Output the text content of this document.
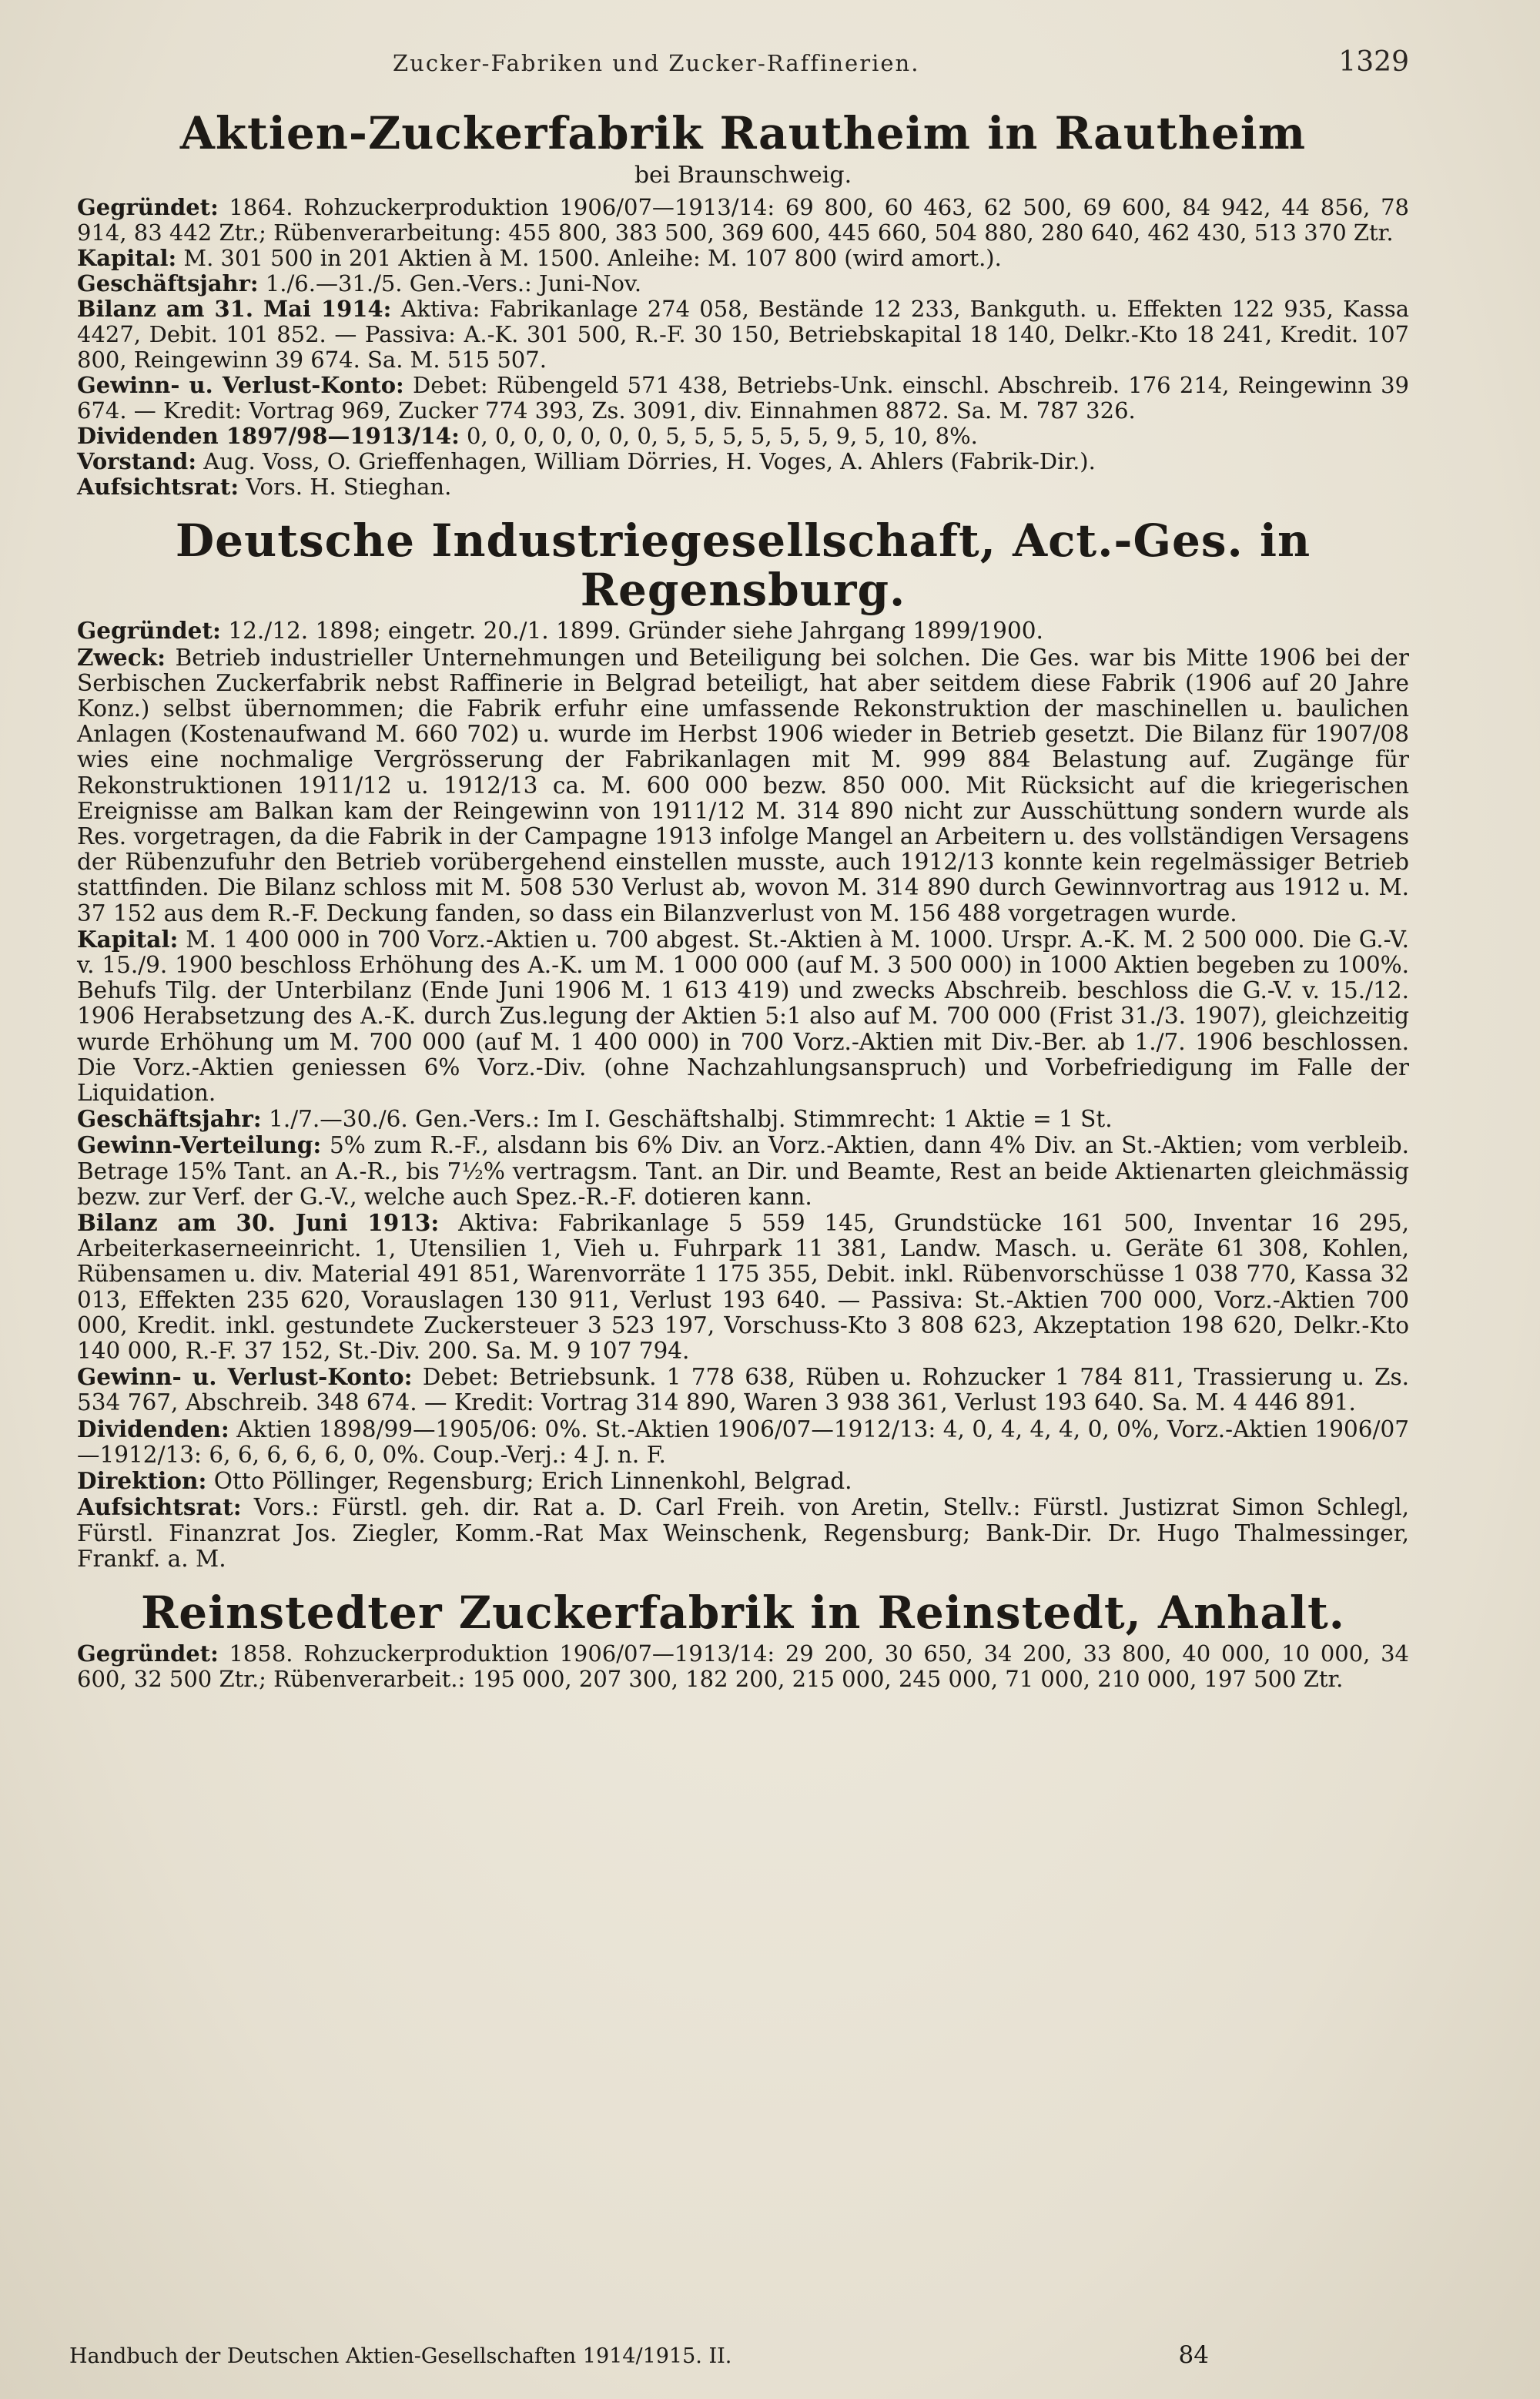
Zucker-Fabriken und Zucker-Raffinerien.	1329
Aktien-Zuckerfabrik Rautheim in Rautheim
bei Braunschweig.

Gegründet: 1864. Rohzuckerproduktion 1906/07—1913/14: 69 800, 60 463, 62 500, 69 600, 84 942, 44 856, 78 914, 83 442 Ztr.; Rübenverarbeitung: 455 800, 383 500, 369 600, 445 660, 504 880, 280 640, 462 430, 513 370 Ztr.

Kapital: M. 301 500 in 201 Aktien à M. 1500. Anleihe: M. 107 800 (wird amort.).

Geschäftsjahr: 1./6.—31./5. Gen.-Vers.: Juni-Nov.

Bilanz am 31. Mai 1914: Aktiva: Fabrikanlage 274 058, Bestände 12 233, Bankguth. u. Effekten 122 935, Kassa 4427, Debit. 101 852. — Passiva: A.-K. 301 500, R.-F. 30 150, Betriebskapital 18 140, Delkr.-Kto 18 241, Kredit. 107 800, Reingewinn 39 674. Sa. M. 515 507.

Gewinn- u. Verlust-Konto: Debet: Rübengeld 571 438, Betriebs-Unk. einschl. Abschreib. 176 214, Reingewinn 39 674. — Kredit: Vortrag 969, Zucker 774 393, Zs. 3091, div. Einnahmen 8872. Sa. M. 787 326.

Dividenden 1897/98—1913/14: 0, 0, 0, 0, 0, 0, 0, 5, 5, 5, 5, 5, 5, 9, 5, 10, 8%.

Vorstand: Aug. Voss, O. Grieffenhagen, William Dörries, H. Voges, A. Ahlers (Fabrik-Dir.).

Aufsichtsrat: Vors. H. Stieghan.

Deutsche Industriegesellschaft, Act.-Ges. in Regensburg.

Gegründet: 12./12. 1898; eingetr. 20./1. 1899. Gründer siehe Jahrgang 1899/1900.

Zweck: Betrieb industrieller Unternehmungen und Beteiligung bei solchen. Die Ges. war bis Mitte 1906 bei der Serbischen Zuckerfabrik nebst Raffinerie in Belgrad beteiligt, hat aber seitdem diese Fabrik (1906 auf 20 Jahre Konz.) selbst übernommen; die Fabrik erfuhr eine umfassende Rekonstruktion der maschinellen u. baulichen Anlagen (Kostenaufwand M. 660 702) u. wurde im Herbst 1906 wieder in Betrieb gesetzt. Die Bilanz für 1907/08 wies eine nochmalige Vergrösserung der Fabrikanlagen mit M. 999 884 Belastung auf. Zugänge für Rekonstruktionen 1911/12 u. 1912/13 ca. M. 600 000 bezw. 850 000. Mit Rücksicht auf die kriegerischen Ereignisse am Balkan kam der Reingewinn von 1911/12 M. 314 890 nicht zur Ausschüttung sondern wurde als Res. vorgetragen, da die Fabrik in der Campagne 1913 infolge Mangel an Arbeitern u. des vollständigen Versagens der Rübenzufuhr den Betrieb vorübergehend einstellen musste, auch 1912/13 konnte kein regelmässiger Betrieb stattfinden. Die Bilanz schloss mit M. 508 530 Verlust ab, wovon M. 314 890 durch Gewinnvortrag aus 1912 u. M. 37 152 aus dem R.-F. Deckung fanden, so dass ein Bilanzverlust von M. 156 488 vorgetragen wurde.

Kapital: M. 1 400 000 in 700 Vorz.-Aktien u. 700 abgest. St.-Aktien à M. 1000. Urspr. A.-K. M. 2 500 000. Die G.-V. v. 15./9. 1900 beschloss Erhöhung des A.-K. um M. 1 000 000 (auf M. 3 500 000) in 1000 Aktien begeben zu 100%. Behufs Tilg. der Unterbilanz (Ende Juni 1906 M. 1 613 419) und zwecks Abschreib. beschloss die G.-V. v. 15./12. 1906 Herabsetzung des A.-K. durch Zus.legung der Aktien 5:1 also auf M. 700 000 (Frist 31./3. 1907), gleichzeitig wurde Erhöhung um M. 700 000 (auf M. 1 400 000) in 700 Vorz.-Aktien mit Div.-Ber. ab 1./7. 1906 beschlossen. Die Vorz.-Aktien geniessen 6% Vorz.-Div. (ohne Nachzahlungsanspruch) und Vorbefriedigung im Falle der Liquidation.

Geschäftsjahr: 1./7.—30./6. Gen.-Vers.: Im I. Geschäftshalbj. Stimmrecht: 1 Aktie = 1 St.

Gewinn-Verteilung: 5% zum R.-F., alsdann bis 6% Div. an Vorz.-Aktien, dann 4% Div. an St.-Aktien; vom verbleib. Betrage 15% Tant. an A.-R., bis 7½% vertragsm. Tant. an Dir. und Beamte, Rest an beide Aktienarten gleichmässig bezw. zur Verf. der G.-V., welche auch Spez.-R.-F. dotieren kann.

Bilanz am 30. Juni 1913: Aktiva: Fabrikanlage 5 559 145, Grundstücke 161 500, Inventar 16 295, Arbeiterkaserneeinricht. 1, Utensilien 1, Vieh u. Fuhrpark 11 381, Landw. Masch. u. Geräte 61 308, Kohlen, Rübensamen u. div. Material 491 851, Warenvorräte 1 175 355, Debit. inkl. Rübenvorschüsse 1 038 770, Kassa 32 013, Effekten 235 620, Vorauslagen 130 911, Verlust 193 640. — Passiva: St.-Aktien 700 000, Vorz.-Aktien 700 000, Kredit. inkl. gestundete Zuckersteuer 3 523 197, Vorschuss-Kto 3 808 623, Akzeptation 198 620, Delkr.-Kto 140 000, R.-F. 37 152, St.-Div. 200. Sa. M. 9 107 794.

Gewinn- u. Verlust-Konto: Debet: Betriebsunk. 1 778 638, Rüben u. Rohzucker 1 784 811, Trassierung u. Zs. 534 767, Abschreib. 348 674. — Kredit: Vortrag 314 890, Waren 3 938 361, Verlust 193 640. Sa. M. 4 446 891.

Dividenden: Aktien 1898/99—1905/06: 0%. St.-Aktien 1906/07—1912/13: 4, 0, 4, 4, 4, 0, 0%, Vorz.-Aktien 1906/07—1912/13: 6, 6, 6, 6, 6, 0, 0%. Coup.-Verj.: 4 J. n. F.

Direktion: Otto Pöllinger, Regensburg; Erich Linnenkohl, Belgrad.

Aufsichtsrat: Vors.: Fürstl. geh. dir. Rat a. D. Carl Freih. von Aretin, Stellv.: Fürstl. Justizrat Simon Schlegl, Fürstl. Finanzrat Jos. Ziegler, Komm.-Rat Max Weinschenk, Regensburg; Bank-Dir. Dr. Hugo Thalmessinger, Frankf. a. M.

Reinstedter Zuckerfabrik in Reinstedt, Anhalt.

Gegründet: 1858. Rohzuckerproduktion 1906/07—1913/14: 29 200, 30 650, 34 200, 33 800, 40 000, 10 000, 34 600, 32 500 Ztr.; Rübenverarbeit.: 195 000, 207 300, 182 200, 215 000, 245 000, 71 000, 210 000, 197 500 Ztr.

Handbuch der Deutschen Aktien-Gesellschaften 1914/1915. II.	84
